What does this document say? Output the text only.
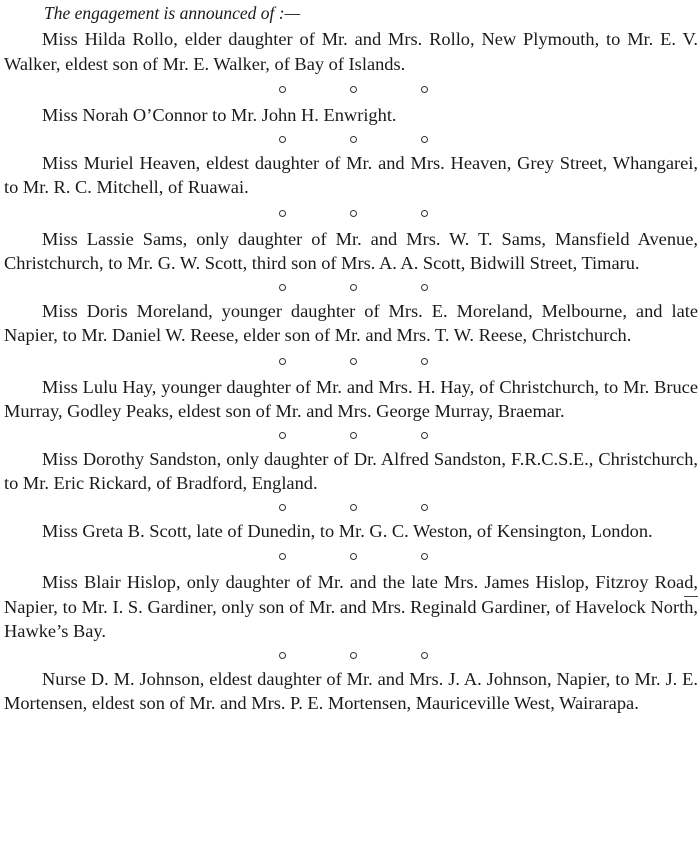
The engagement is announced of :—

Miss Hilda Rollo, elder daughter of Mr. and Mrs. Rollo, New Plymouth, to Mr. E. V. Walker, eldest son of Mr. E. Walker, of Bay of Islands.

Miss Norah O’Connor to Mr. John H. Enwright.

Miss Muriel Heaven, eldest daughter of Mr. and Mrs. Heaven, Grey Street, Whangarei, to Mr. R. C. Mitchell, of Ruawai.

Miss Lassie Sams, only daughter of Mr. and Mrs. W. T. Sams, Mansfield Avenue, Christchurch, to Mr. G. W. Scott, third son of Mrs. A. A. Scott, Bidwill Street, Timaru.

Miss Doris Moreland, younger daughter of Mrs. E. Moreland, Melbourne, and late Napier, to Mr. Daniel W. Reese, elder son of Mr. and Mrs. T. W. Reese, Christchurch.

Miss Lulu Hay, younger daughter of Mr. and Mrs. H. Hay, of Christchurch, to Mr. Bruce Murray, Godley Peaks, eldest son of Mr. and Mrs. George Murray, Braemar.

Miss Dorothy Sandston, only daughter of Dr. Alfred Sandston, F.R.C.S.E., Christchurch, to Mr. Eric Rickard, of Bradford, England.

Miss Greta B. Scott, late of Dunedin, to Mr. G. C. Weston, of Kensington, London.

Miss Blair Hislop, only daughter of Mr. and the late Mrs. James Hislop, Fitzroy Road, Napier, to Mr. I. S. Gardiner, only son of Mr. and Mrs. Reginald Gardiner, of Havelock North, Hawke’s Bay.

Nurse D. M. Johnson, eldest daughter of Mr. and Mrs. J. A. Johnson, Napier, to Mr. J. E. Mortensen, eldest son of Mr. and Mrs. P. E. Mortensen, Mauriceville West, Wairarapa.
